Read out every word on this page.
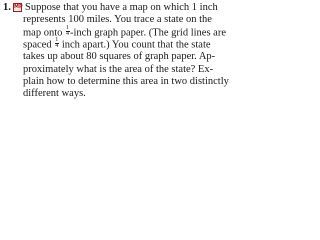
1. MP Suppose that you have a map on which 1 inch
represents 100 miles. You trace a state on the
map onto $\frac{1}{4}$ -inch graph paper. (The grid lines are
spaced $\frac{1}{4}$ inch apart.) You count that the state
takes up about 80 squares of graph paper. Ap-
proximately what is the area of the state? Ex-
plain how to determine this area in two distinctly
different ways.
